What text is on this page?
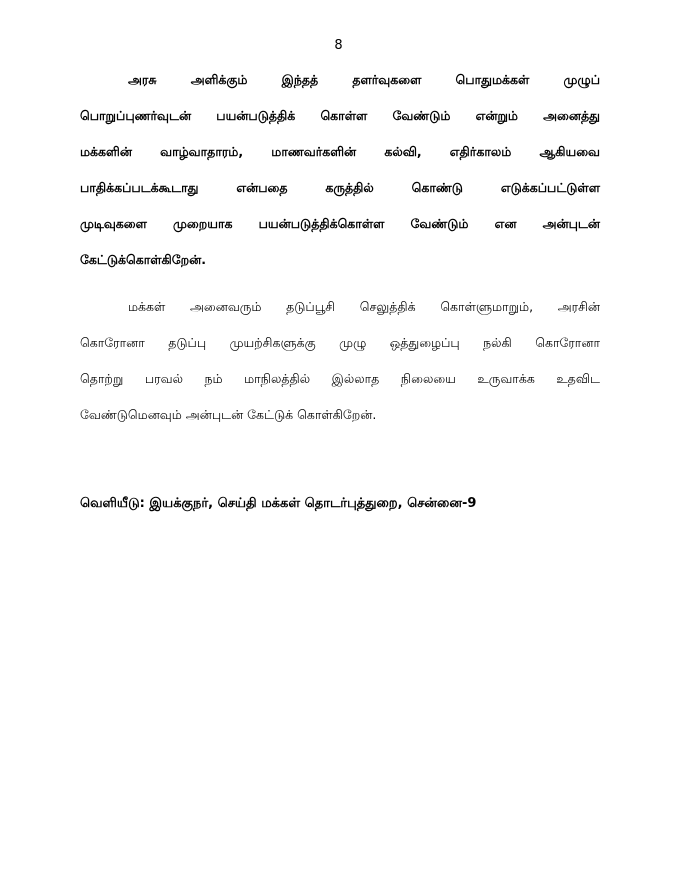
8
அரசு அளிக்கும் இந்தத் தளர்வுகளை பொதுமக்கள் முழுப்
பொறுப்புணர்வுடன் பயன்படுத்திக் கொள்ள வேண்டும் என்றும் அனைத்து
மக்களின் வாழ்வாதாரம், மாணவர்களின் கல்வி, எதிர்காலம் ஆகியவை
பாதிக்கப்படக்கூடாது என்பதை கருத்தில் கொண்டு எடுக்கப்பட்டுள்ள
முடிவுகளை முறையாக பயன்படுத்திக்கொள்ள வேண்டும் என அன்புடன்
கேட்டுக்கொள்கிறேன்.
மக்கள் அனைவரும் தடுப்பூசி செலுத்திக் கொள்ளுமாறும், அரசின்
கொரோனா தடுப்பு முயற்சிகளுக்கு முழு ஒத்துழைப்பு நல்கி கொரோனா
தொற்று பரவல் நம் மாநிலத்தில் இல்லாத நிலையை உருவாக்க உதவிட
வேண்டுமெனவும் அன்புடன் கேட்டுக் கொள்கிறேன்.
வெளியீடு: இயக்குநர், செய்தி மக்கள் தொடர்புத்துறை, சென்னை-9
